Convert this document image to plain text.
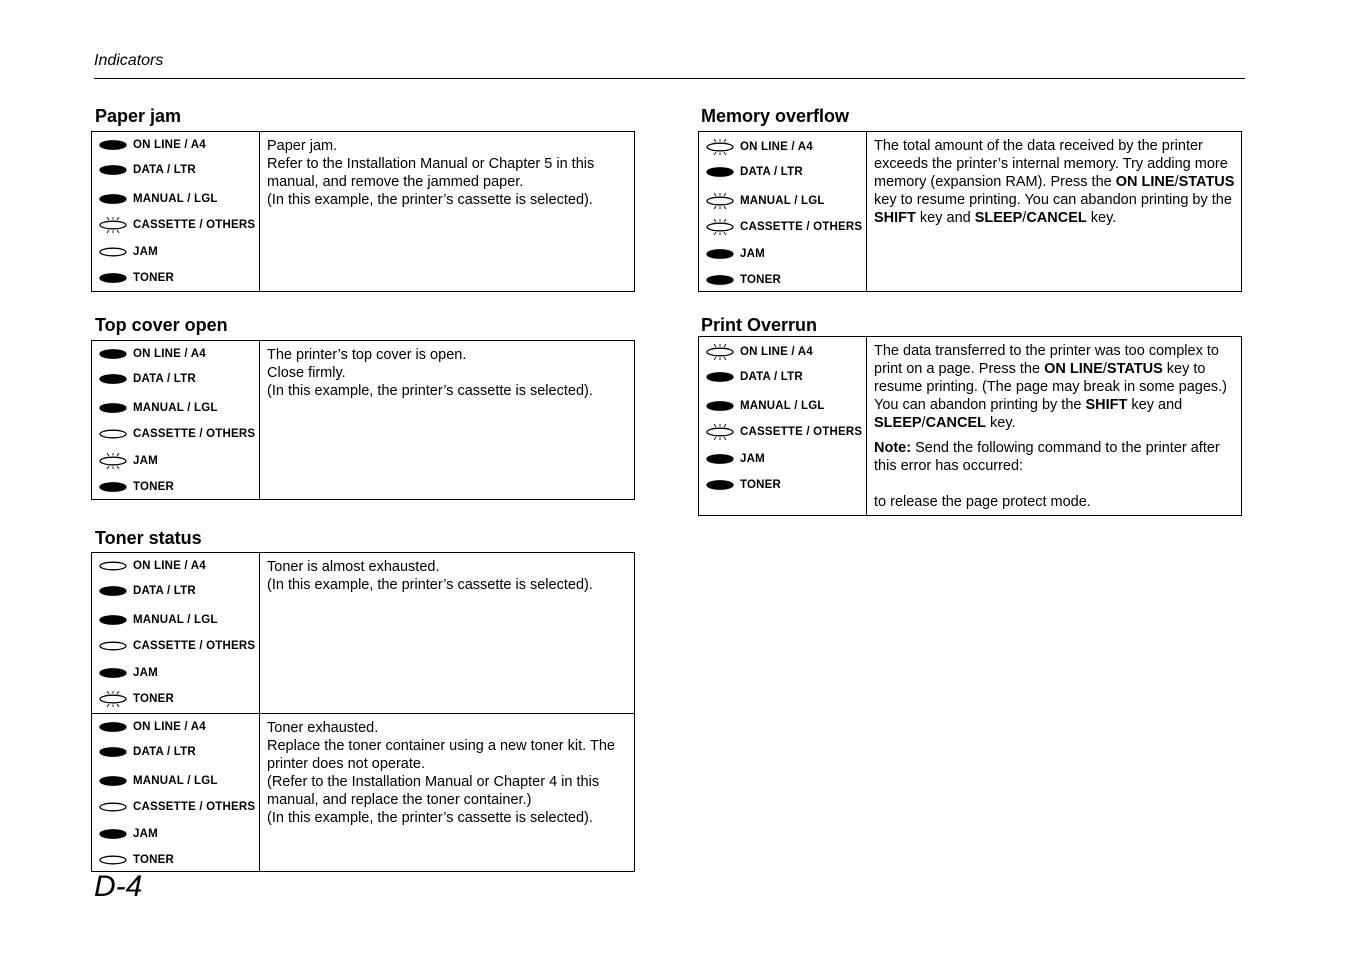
Indicators
Paper jam
ON LINE / A4
DATA / LTR
MANUAL / LGL
CASSETTE / OTHERS
JAM
TONER

Paper jam.

Refer to the Installation Manual or Chapter 5 in this manual, and remove the jammed paper.

(In this example, the printer’s cassette is selected).

Top cover open
ON LINE / A4
DATA / LTR
MANUAL / LGL
CASSETTE / OTHERS
JAM
TONER

The printer’s top cover is open.

Close firmly.

(In this example, the printer’s cassette is selected).

Toner status
ON LINE / A4
DATA / LTR
MANUAL / LGL
CASSETTE / OTHERS
JAM
TONER

Toner is almost exhausted.

(In this example, the printer’s cassette is selected).

ON LINE / A4
DATA / LTR
MANUAL / LGL
CASSETTE / OTHERS
JAM
TONER

Toner exhausted.

Replace the toner container using a new toner kit. The printer does not operate.

(Refer to the Installation Manual or Chapter 4 in this manual, and replace the toner container.)

(In this example, the printer’s cassette is selected).

Memory overflow
ON LINE / A4
DATA / LTR
MANUAL / LGL
CASSETTE / OTHERS
JAM
TONER

The total amount of the data received by the printer exceeds the printer’s internal memory. Try adding more memory (expansion RAM). Press the ON LINE/STATUS key to resume printing. You can abandon printing by the SHIFT key and SLEEP/CANCEL key.

Print Overrun
ON LINE / A4
DATA / LTR
MANUAL / LGL
CASSETTE / OTHERS
JAM
TONER

The data transferred to the printer was too complex to print on a page. Press the ON LINE/STATUS key to resume printing. (The page may break in some pages.) You can abandon printing by the SHIFT key and SLEEP/CANCEL key.

Note: Send the following command to the printer after this error has occurred:

to release the page protect mode.

D-4
